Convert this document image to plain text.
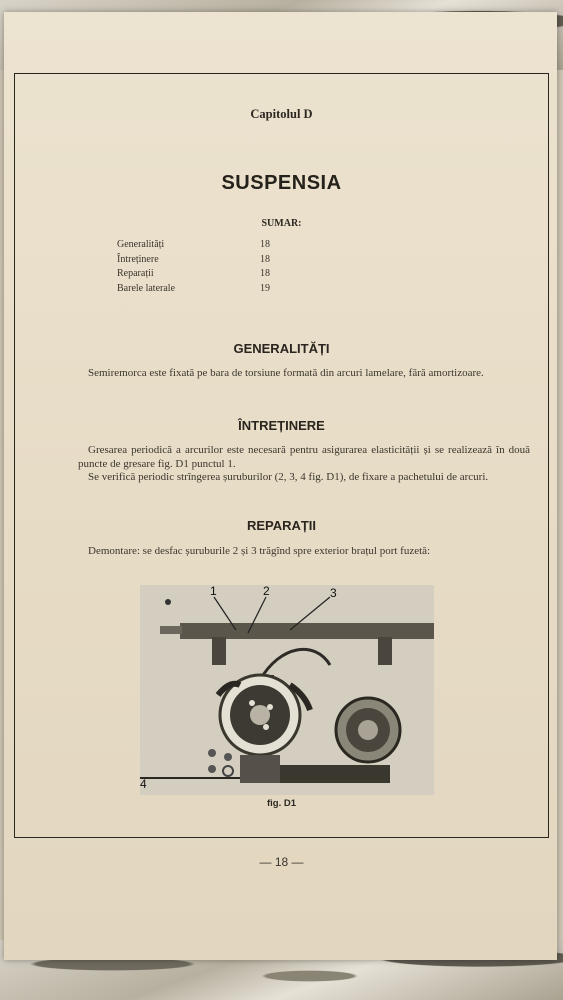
Capitolul D
SUSPENSIA
SUMAR:
Generalități	18
Întreținere	18
Reparații	18
Barele laterale	19
GENERALITĂȚI

Semiremorca este fixată pe bara de torsiune formată din arcuri lamelare, fără amortizoare.

ÎNTREȚINERE

Gresarea periodică a arcurilor este necesară pentru asigurarea elasticității și se realizează în două puncte de gresare fig. D1 punctul 1.

Se verifică periodic strîngerea șuruburilor (2, 3, 4 fig. D1), de fixare a pachetului de arcuri.

REPARAȚII

Demontare: se desfac șuruburile 2 și 3 trăgînd spre exterior brațul port fuzetă:

1	2	3
4
fig. D1
— 18 —
